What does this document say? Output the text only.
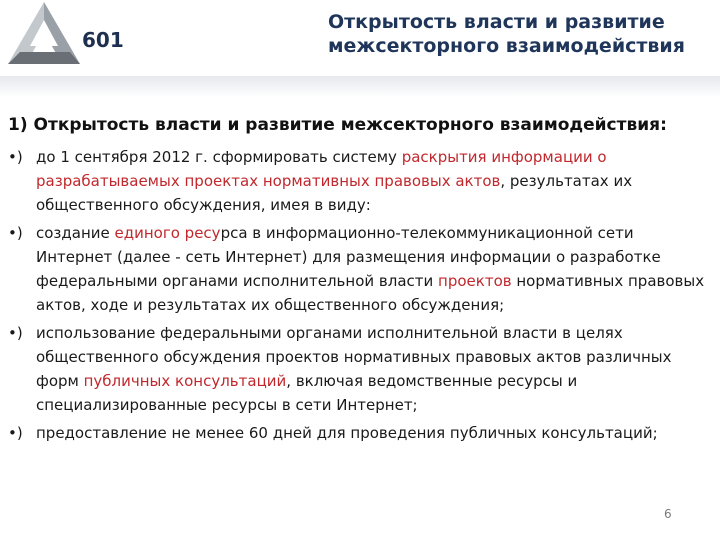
601
Открытость власти и развитие
межсекторного взаимодействия
1) Открытость власти и развитие межсекторного взаимодействия:
•) до 1 сентября 2012 г. сформировать систему раскрытия информации о разрабатываемых проектах нормативных правовых актов, результатах их общественного обсуждения, имея в виду:
•) создание единого ресурса в информационно-телекоммуникационной сети Интернет (далее - сеть Интернет) для размещения информации о разработке федеральными органами исполнительной власти проектов нормативных правовых актов, ходе и результатах их общественного обсуждения;
•) использование федеральными органами исполнительной власти в целях общественного обсуждения проектов нормативных правовых актов различных форм публичных консультаций, включая ведомственные ресурсы и специализированные ресурсы в сети Интернет;
•) предоставление не менее 60 дней для проведения публичных консультаций;
6
